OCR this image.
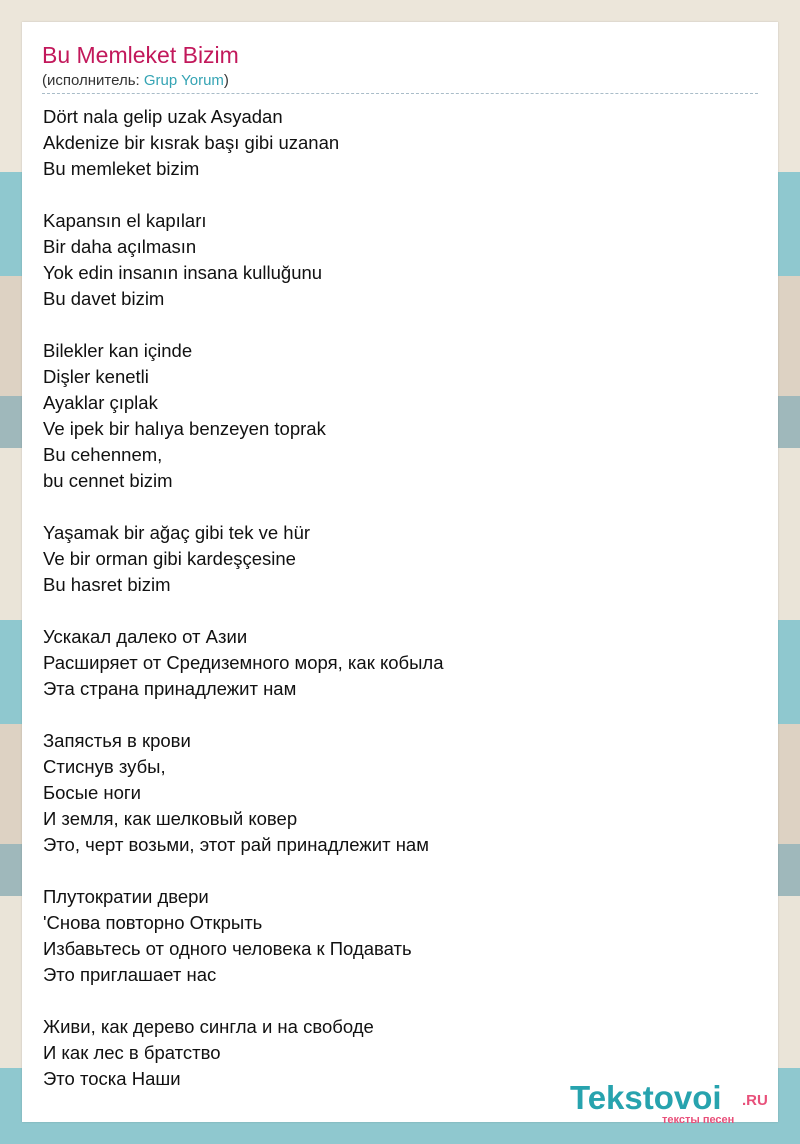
Bu Memleket Bizim
(исполнитель: Grup Yorum)
Dört nala gelip uzak Asyadan
Akdenize bir kısrak başı gibi uzanan
Bu memleket bizim
Kapansın el kapıları
Bir daha açılmasın
Yok edin insanın insana kulluğunu
Bu davet bizim
Bilekler kan içinde
Dişler kenetli
Ayaklar çıplak
Ve ipek bir halıya benzeyen toprak
Bu cehennem,
bu cennet bizim
Yaşamak bir ağaç gibi tek ve hür
Ve bir orman gibi kardeşçesine
Bu hasret bizim
Ускакал далеко от Азии
Расширяет от Средиземного моря, как кобыла
Эта страна принадлежит нам
Запястья в крови
Стиснув зубы,
Босые ноги
И земля, как шелковый ковер
Это, черт возьми, этот рай принадлежит нам
Плутократии двери
'Снова повторно Открыть
Избавьтесь от одного человека к Подавать
Это приглашает нас
Живи, как дерево сингла и на свободе
И как лес в братство
Это тоска Наши
Tekstovoi .RU
тексты песен
